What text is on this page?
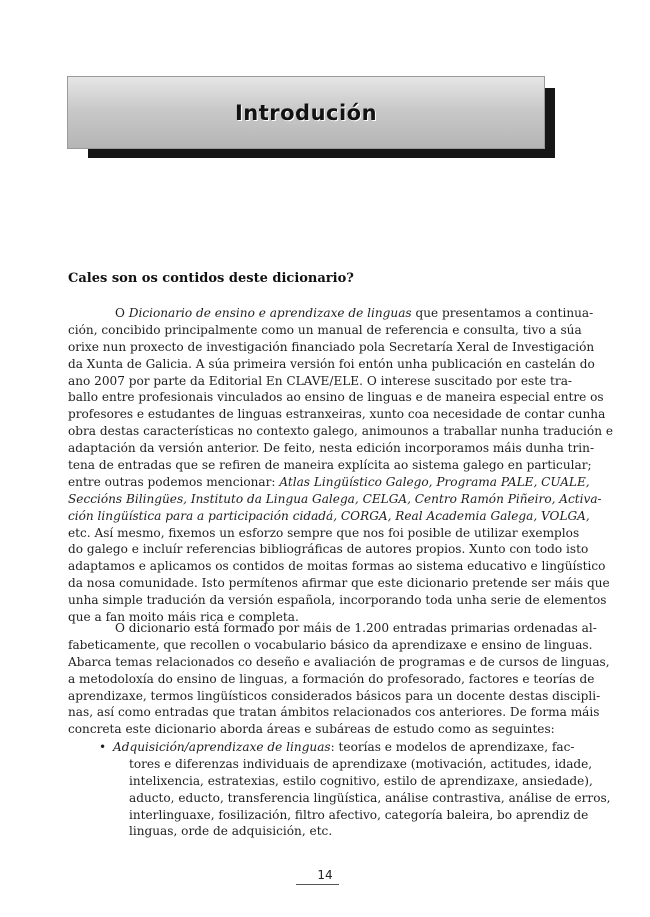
Introdución
Cales son os contidos deste dicionario?
O Dicionario de ensino e aprendizaxe de linguas que presentamos a continua-
ción, concibido principalmente como un manual de referencia e consulta, tivo a súa
orixe nun proxecto de investigación financiado pola Secretaría Xeral de Investigación
da Xunta de Galicia. A súa primeira versión foi entón unha publicación en castelán do
ano 2007 por parte da Editorial En CLAVE/ELE. O interese suscitado por este tra-
ballo entre profesionais vinculados ao ensino de linguas e de maneira especial entre os
profesores e estudantes de linguas estranxeiras, xunto coa necesidade de contar cunha
obra destas características no contexto galego, animounos a traballar nunha tradución e
adaptación da versión anterior. De feito, nesta edición incorporamos máis dunha trin-
tena de entradas que se refiren de maneira explícita ao sistema galego en particular;
entre outras podemos mencionar: Atlas Lingüístico Galego, Programa PALE, CUALE,
Seccións Bilingües, Instituto da Lingua Galega, CELGA, Centro Ramón Piñeiro, Activa-
ción lingüística para a participación cidadá, CORGA, Real Academia Galega, VOLGA,
etc. Así mesmo, fixemos un esforzo sempre que nos foi posible de utilizar exemplos
do galego e incluír referencias bibliográficas de autores propios. Xunto con todo isto
adaptamos e aplicamos os contidos de moitas formas ao sistema educativo e lingüístico
da nosa comunidade. Isto permítenos afirmar que este dicionario pretende ser máis que
unha simple tradución da versión española, incorporando toda unha serie de elementos
que a fan moito máis rica e completa.
O dicionario está formado por máis de 1.200 entradas primarias ordenadas al-
fabeticamente, que recollen o vocabulario básico da aprendizaxe e ensino de linguas.
Abarca temas relacionados co deseño e avaliación de programas e de cursos de linguas,
a metodoloxía do ensino de linguas, a formación do profesorado, factores e teorías de
aprendizaxe, termos lingüísticos considerados básicos para un docente destas discipli-
nas, así como entradas que tratan ámbitos relacionados cos anteriores. De forma máis
concreta este dicionario aborda áreas e subáreas de estudo como as seguintes:
• Adquisición/aprendizaxe de linguas: teorías e modelos de aprendizaxe, fac-
tores e diferenzas individuais de aprendizaxe (motivación, actitudes, idade,
intelixencia, estratexias, estilo cognitivo, estilo de aprendizaxe, ansiedade),
aducto, educto, transferencia lingüística, análise contrastiva, análise de erros,
interlinguaxe, fosilización, filtro afectivo, categoría baleira, bo aprendiz de
linguas, orde de adquisición, etc.
14
